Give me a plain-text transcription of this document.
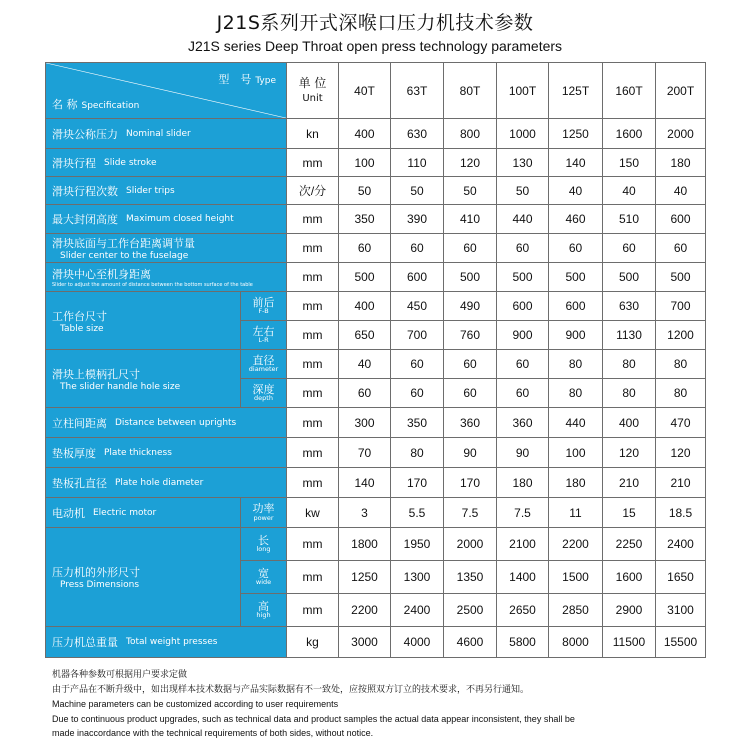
J21S系列开式深喉口压力机技术参数
J21S series Deep Throat open press technology parameters
型　号 Type
名 称 Specification		单 位
Unit	40T	63T	80T	100T	125T	160T	200T

滑块公称压力 Nominal slider		kn	400	630	800	1000	1250	1600	2000

滑块行程 Slide stroke		mm	100	110	120	130	140	150	180

滑块行程次数 Slider trips		次/分	50	50	50	50	40	40	40

最大封闭高度 Maximum closed height		mm	350	390	410	440	460	510	600

滑块底面与工作台距离调节量
Slider center to the fuselage		mm	60	60	60	60	60	60	60

滑块中心至机身距离
Slider to adjust the amount of distance between the bottom surface of the table		mm	500	600	500	500	500	500	500

工作台尺寸
Table size	前后
F-B	mm	400	450	490	600	600	630	700

	左右
L-R	mm	650	700	760	900	900	1130	1200

滑块上模柄孔尺寸
The slider handle hole size	直径
diameter	mm	40	60	60	60	80	80	80

	深度
depth	mm	60	60	60	60	80	80	80

立柱间距离 Distance between uprights		mm	300	350	360	360	440	400	470

垫板厚度 Plate thickness		mm	70	80	90	90	100	120	120

垫板孔直径 Plate hole diameter		mm	140	170	170	180	180	210	210

电动机 Electric motor	功率
power	kw	3	5.5	7.5	7.5	11	15	18.5

压力机的外形尺寸
Press Dimensions	长
long	mm	1800	1950	2000	2100	2200	2250	2400

	宽
wide	mm	1250	1300	1350	1400	1500	1600	1650

	高
high	mm	2200	2400	2500	2650	2850	2900	3100

压力机总重量 Total weight presses		kg	3000	4000	4600	5800	8000	11500	15500
机器各种参数可根据用户要求定做
由于产品在不断升级中，如出现样本技术数据与产品实际数据有不一致处，应按照双方订立的技术要求，不再另行通知。
Machine parameters can be customized according to user requirements
Due to continuous product upgrades, such as technical data and product samples the actual data appear inconsistent, they shall be
made inaccordance with the technical requirements of both sides, without notice.
